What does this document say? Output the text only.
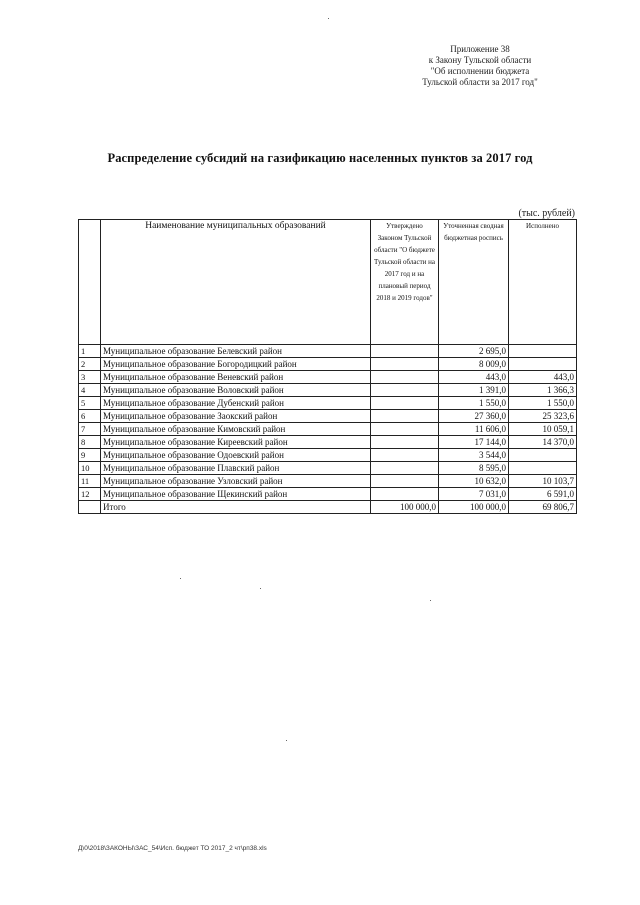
Приложение 38
к Закону Тульской области
"Об исполнении бюджета
Тульской области за 2017 год"
Распределение субсидий на газификацию населенных пунктов за 2017 год
(тыс. рублей)
	Наименование муниципальных образований	Утверждено Законом Тульской области "О бюджете Тульской области на 2017 год и на плановый период 2018 и 2019 годов"	Уточненная сводная бюджетная роспись	Исполнено
1	Муниципальное образование Белевский район		2 695,0	
2	Муниципальное образование Богородицкий район		8 009,0	
3	Муниципальное образование Веневский район		443,0	443,0
4	Муниципальное образование Воловский район		1 391,0	1 366,3
5	Муниципальное образование Дубенский район		1 550,0	1 550,0
6	Муниципальное образование Заокский район		27 360,0	25 323,6
7	Муниципальное образование Кимовский район		11 606,0	10 059,1
8	Муниципальное образование Киреевский район		17 144,0	14 370,0
9	Муниципальное образование Одоевский район		3 544,0	
10	Муниципальное образование Плавский район		8 595,0	
11	Муниципальное образование Узловский район		10 632,0	10 103,7
12	Муниципальное образование Щекинский район		7 031,0	6 591,0
	Итого	100 000,0	100 000,0	69 806,7
Д\0\2018\ЗАКОНЫ\ЗАС_54\Исп. бюджет ТО 2017_2 чт\рп38.xls
